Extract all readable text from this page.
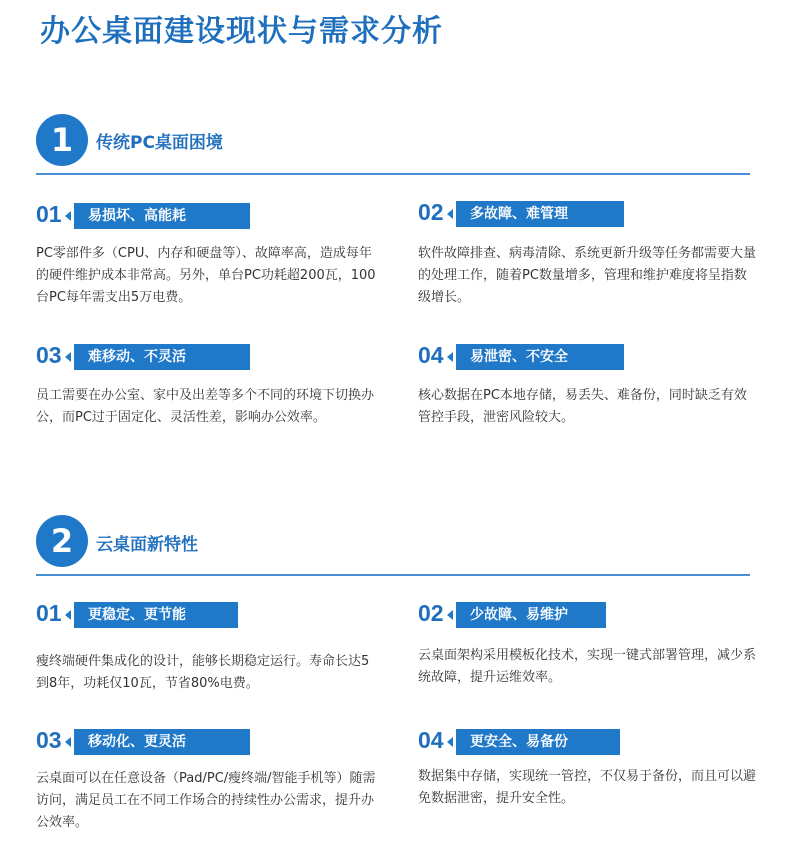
办公桌面建设现状与需求分析
1	传统PC桌面困境
01	易损坏、高能耗
PC零部件多（CPU、内存和硬盘等）、故障率高，造成每年的硬件维护成本非常高。另外，单台PC功耗超200瓦，100台PC每年需支出5万电费。
02	多故障、难管理
软件故障排查、病毒清除、系统更新升级等任务都需要大量的处理工作，随着PC数量增多，管理和维护难度将呈指数级增长。
03	难移动、不灵活
员工需要在办公室、家中及出差等多个不同的环境下切换办公，而PC过于固定化、灵活性差，影响办公效率。
04	易泄密、不安全
核心数据在PC本地存储，易丢失、难备份，同时缺乏有效管控手段，泄密风险较大。
2	云桌面新特性
01	更稳定、更节能
瘦终端硬件集成化的设计，能够长期稳定运行。寿命长达5到8年，功耗仅10瓦，节省80%电费。
02	少故障、易维护
云桌面架构采用模板化技术，实现一键式部署管理，减少系统故障，提升运维效率。
03	移动化、更灵活
云桌面可以在任意设备（Pad/PC/瘦终端/智能手机等）随需访问，满足员工在不同工作场合的持续性办公需求，提升办公效率。
04	更安全、易备份
数据集中存储，实现统一管控，不仅易于备份，而且可以避免数据泄密，提升安全性。
